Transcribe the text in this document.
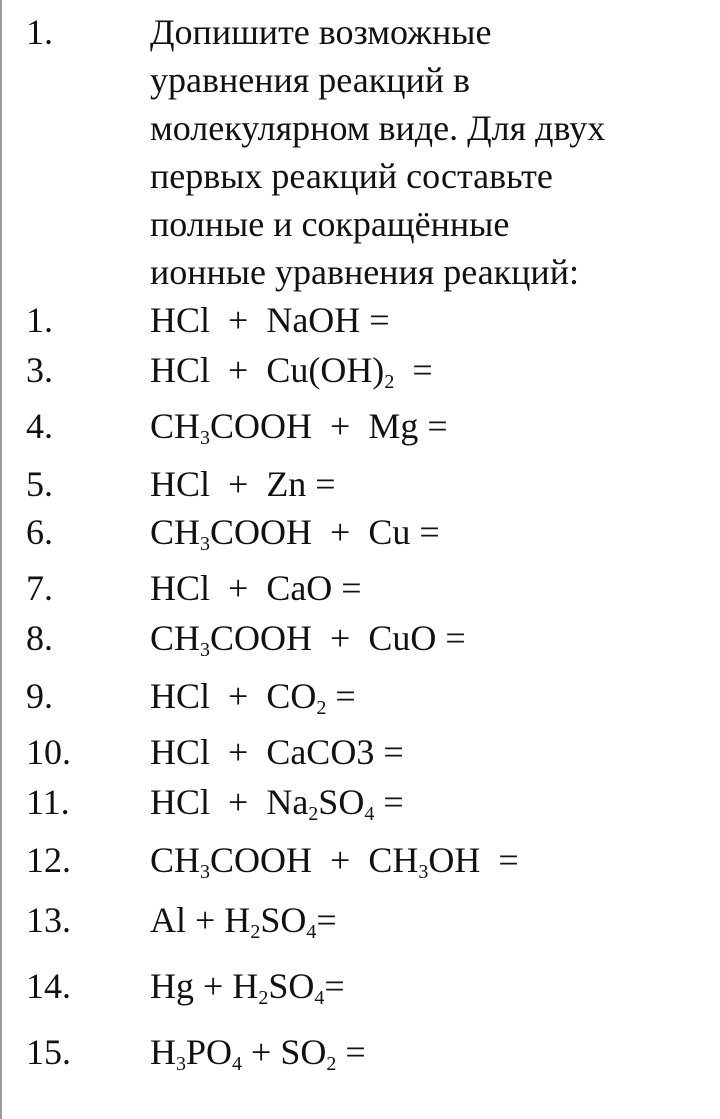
1.	Допишите возможные
уравнения реакций в
молекулярном виде. Для двух
первых реакций составьте
полные и сокращённые
ионные уравнения реакций:
1.	HCl  +  NaOH =
3.	HCl  +  $Cu(OH)_2$  =
4.	$CH_3COOH + Mg$ =
5.	HCl  +  Zn =
6.	$CH_3COOH + Cu$ =
7.	HCl  +  CaO =
8.	$CH_3COOH$  +  CuO =
9.	HCl  +  $CO_2$ =
10. HCl  +  CaCO3 =
11. HCl  +  $Na_2SO_4$ =
12. $CH_3COOH + CH_3OH$  =
13. $Al + H_2SO_4=$
14. $Hg + H_2SO_4=$
15. $H_3PO_4 + SO_2$ =
